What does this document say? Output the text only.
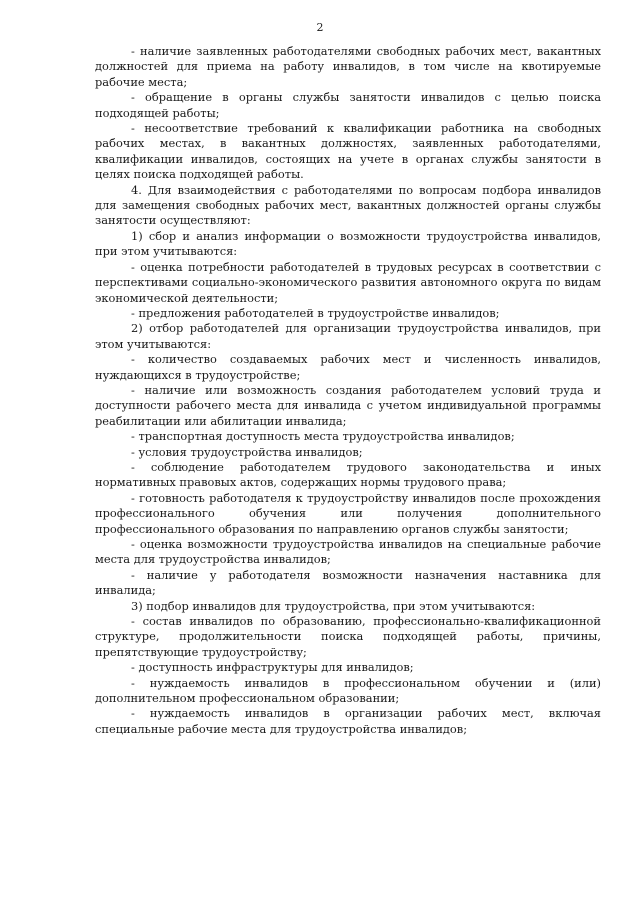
2

- наличие заявленных работодателями свободных рабочих мест, вакантных должностей для приема на работу инвалидов, в том числе на квотируемые рабочие места;

- обращение в органы службы занятости инвалидов с целью поиска подходящей работы;

- несоответствие требований к квалификации работника на свободных рабочих местах, в вакантных должностях, заявленных работодателями, квалификации инвалидов, состоящих на учете в органах службы занятости в целях поиска подходящей работы.

4. Для взаимодействия с работодателями по вопросам подбора инвалидов для замещения свободных рабочих мест, вакантных должностей органы службы занятости осуществляют:

1) сбор и анализ информации о возможности трудоустройства инвалидов, при этом учитываются:

- оценка потребности работодателей в трудовых ресурсах в соответствии с перспективами социально-экономического развития автономного округа по видам экономической деятельности;

- предложения работодателей в трудоустройстве инвалидов;

2) отбор работодателей для организации трудоустройства инвалидов, при этом учитываются:

- количество создаваемых рабочих мест и численность инвалидов, нуждающихся в трудоустройстве;

- наличие или возможность создания работодателем условий труда и доступности рабочего места для инвалида с учетом индивидуальной программы реабилитации или абилитации инвалида;

- транспортная доступность места трудоустройства инвалидов;

- условия трудоустройства инвалидов;

- соблюдение работодателем трудового законодательства и иных нормативных правовых актов, содержащих нормы трудового права;

- готовность работодателя к трудоустройству инвалидов после прохождения профессионального обучения или получения дополнительного профессионального образования по направлению органов службы занятости;

- оценка возможности трудоустройства инвалидов на специальные рабочие места для трудоустройства инвалидов;

- наличие у работодателя возможности назначения наставника для инвалида;

3) подбор инвалидов для трудоустройства, при этом учитываются:

- состав инвалидов по образованию, профессионально-квалификационной структуре, продолжительности поиска подходящей работы, причины, препятствующие трудоустройству;

- доступность инфраструктуры для инвалидов;

- нуждаемость инвалидов в профессиональном обучении и (или) дополнительном профессиональном образовании;

- нуждаемость инвалидов в организации рабочих мест, включая специальные рабочие места для трудоустройства инвалидов;
